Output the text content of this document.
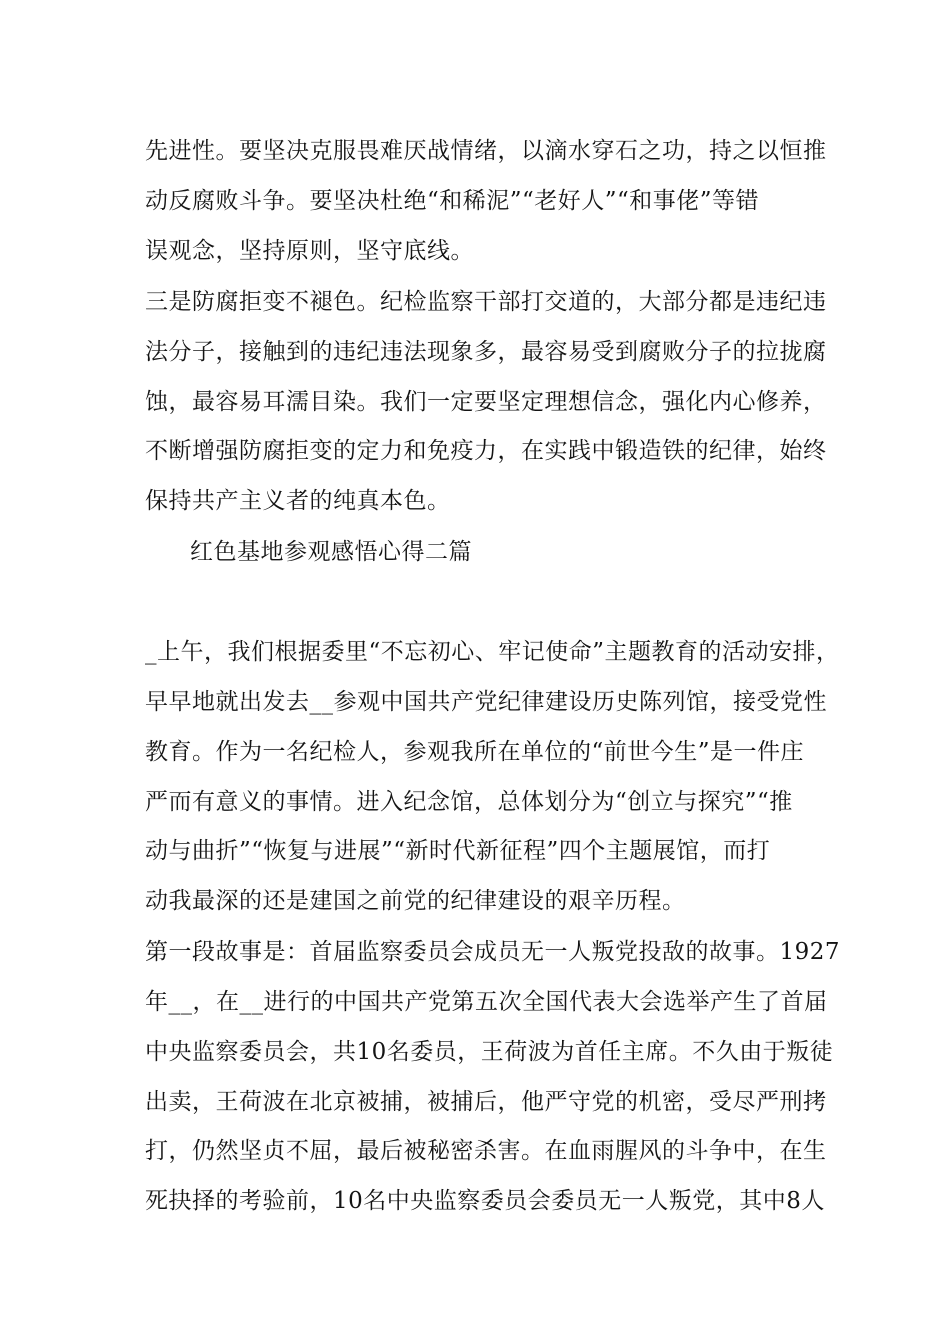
先进性。要坚决克服畏难厌战情绪，以滴水穿石之功，持之以恒推
动反腐败斗争。要坚决杜绝“和稀泥”“老好人”“和事佬”等错
误观念，坚持原则，坚守底线。
三是防腐拒变不褪色。纪检监察干部打交道的，大部分都是违纪违
法分子，接触到的违纪违法现象多，最容易受到腐败分子的拉拢腐
蚀，最容易耳濡目染。我们一定要坚定理想信念，强化内心修养，
不断增强防腐拒变的定力和免疫力，在实践中锻造铁的纪律，始终
保持共产主义者的纯真本色。
红色基地参观感悟心得二篇
_上午，我们根据委里“不忘初心、牢记使命”主题教育的活动安排，
早早地就出发去__参观中国共产党纪律建设历史陈列馆，接受党性
教育。作为一名纪检人，参观我所在单位的“前世今生”是一件庄
严而有意义的事情。进入纪念馆，总体划分为“创立与探究”“推
动与曲折”“恢复与进展”“新时代新征程”四个主题展馆，而打
动我最深的还是建国之前党的纪律建设的艰辛历程。
第一段故事是：首届监察委员会成员无一人叛党投敌的故事。1927
年__，在__进行的中国共产党第五次全国代表大会选举产生了首届
中央监察委员会，共10名委员，王荷波为首任主席。不久由于叛徒
出卖，王荷波在北京被捕，被捕后，他严守党的机密，受尽严刑拷
打，仍然坚贞不屈，最后被秘密杀害。在血雨腥风的斗争中，在生
死抉择的考验前，10名中央监察委员会委员无一人叛党，其中8人
